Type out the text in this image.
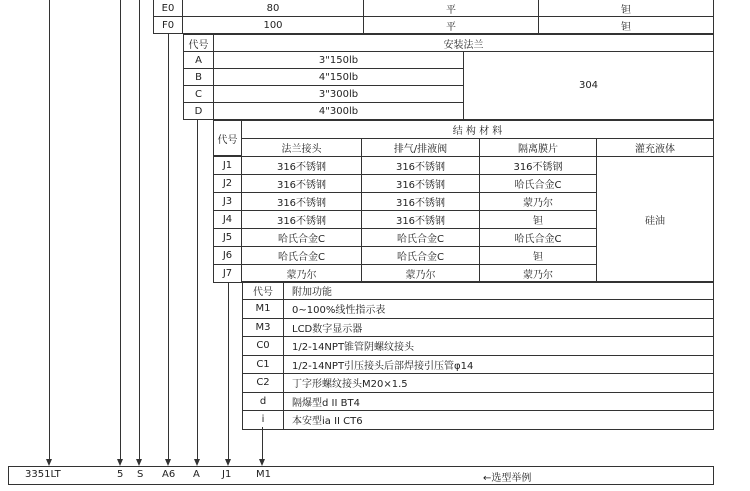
E0	80	平	钽
F0	100	平	钽
代号	安装法兰
A	3"150lb
B	4"150lb
C	3"300lb
D	4"300lb
304
代号
结 构 材 料
法兰接头	排气/排液阀	隔离膜片	灌充液体
J1	316不锈钢	316不锈钢	316不锈钢
J2	316不锈钢	316不锈钢	哈氏合金C
J3	316不锈钢	316不锈钢	蒙乃尔
J4	316不锈钢	316不锈钢	钽
J5	哈氏合金C	哈氏合金C	哈氏合金C
J6	哈氏合金C	哈氏合金C	钽
J7	蒙乃尔	蒙乃尔	蒙乃尔
硅油
代号	附加功能
M1	0~100%线性指示表
M3	LCD数字显示器
C0	1/2-14NPT锥管阴螺纹接头
C1	1/2-14NPT引压接头后部焊接引压管φ14
C2	丁字形螺纹接头M20×1.5
d	隔爆型d II BT4
i	本安型ia II CT6
3351LT	5 S A6 A J1 M1	←选型举例
